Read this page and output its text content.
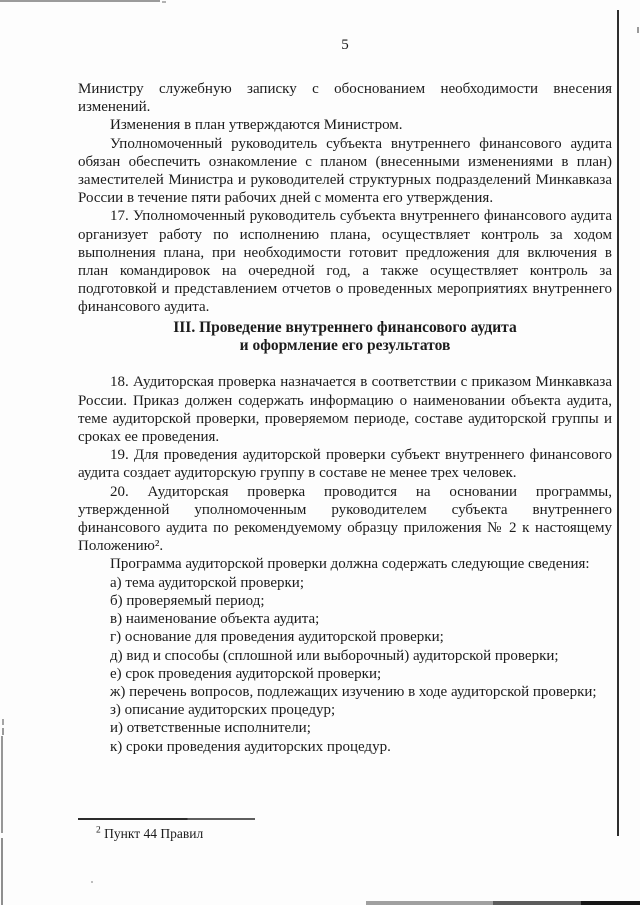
5

Министру служебную записку с обоснованием необходимости внесения изменений.

Изменения в план утверждаются Министром.

Уполномоченный руководитель субъекта внутреннего финансового аудита обязан обеспечить ознакомление с планом (внесенными изменениями в план) заместителей Министра и руководителей структурных подразделений Минкавказа России в течение пяти рабочих дней с момента его утверждения.

17. Уполномоченный руководитель субъекта внутреннего финансового аудита организует работу по исполнению плана, осуществляет контроль за ходом выполнения плана, при необходимости готовит предложения для включения в план командировок на очередной год, а также осуществляет контроль за подготовкой и представлением отчетов о проведенных мероприятиях внутреннего финансового аудита.

III. Проведение внутреннего финансового аудита
и оформление его результатов

18. Аудиторская проверка назначается в соответствии с приказом Минкавказа России. Приказ должен содержать информацию о наименовании объекта аудита, теме аудиторской проверки, проверяемом периоде, составе аудиторской группы и сроках ее проведения.

19. Для проведения аудиторской проверки субъект внутреннего финансового аудита создает аудиторскую группу в составе не менее трех человек.

20. Аудиторская проверка проводится на основании программы, утвержденной уполномоченным руководителем субъекта внутреннего финансового аудита по рекомендуемому образцу приложения № 2 к настоящему Положению².

Программа аудиторской проверки должна содержать следующие сведения:

а) тема аудиторской проверки;

б) проверяемый период;

в) наименование объекта аудита;

г) основание для проведения аудиторской проверки;

д) вид и способы (сплошной или выборочный) аудиторской проверки;

е) срок проведения аудиторской проверки;

ж) перечень вопросов, подлежащих изучению в ходе аудиторской проверки;

з) описание аудиторских процедур;

и) ответственные исполнители;

к) сроки проведения аудиторских процедур.

$^2$ Пункт 44 Правил
